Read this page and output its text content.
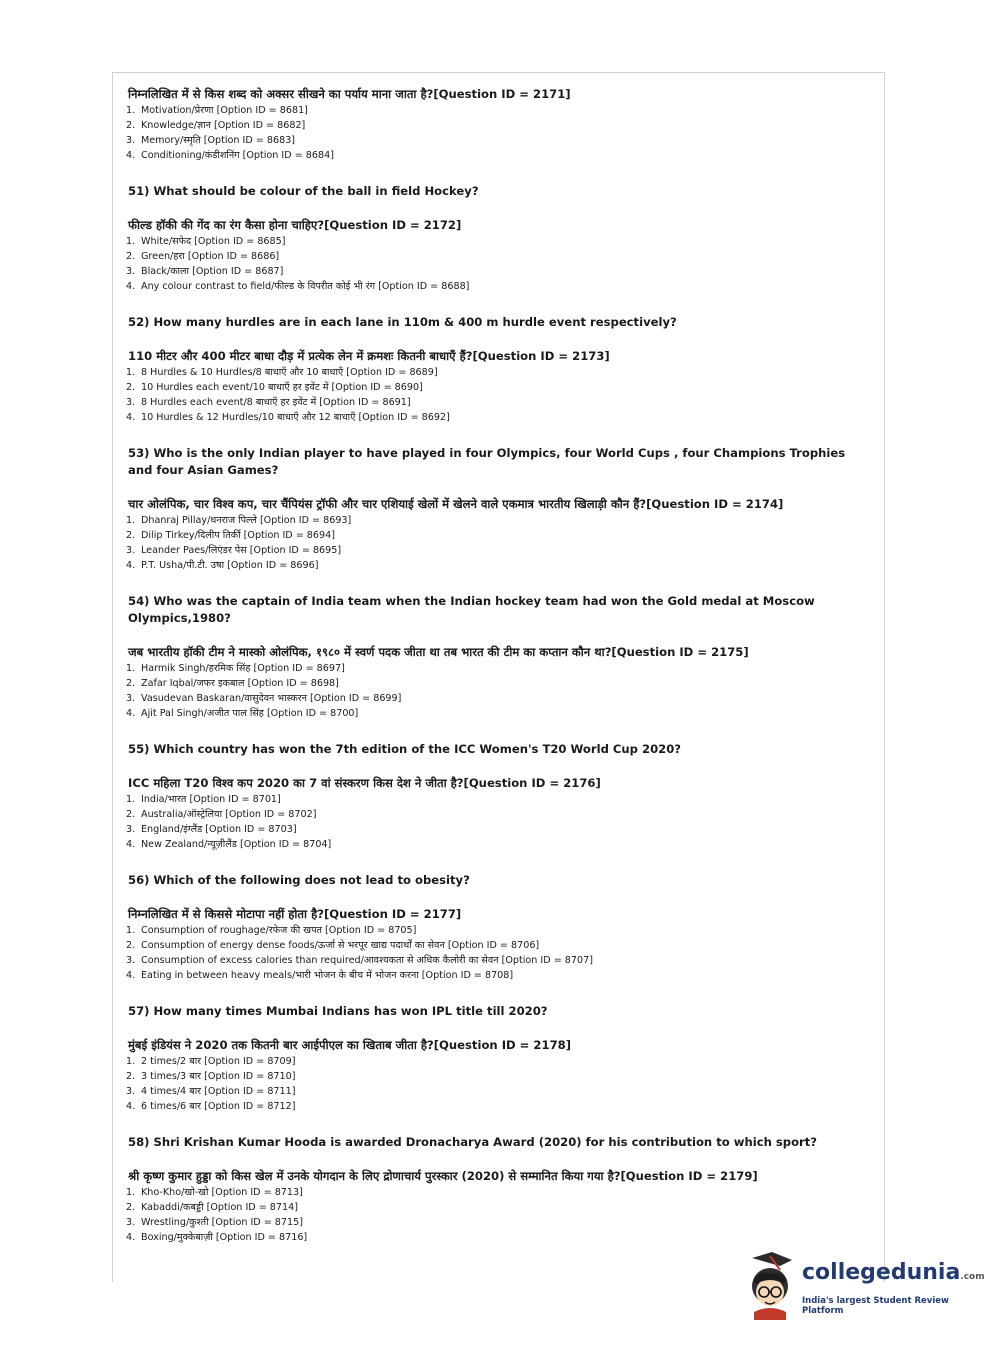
निम्नलिखित में से किस शब्द को अक्सर सीखने का पर्याय माना जाता है?[Question ID = 2171]
1. Motivation/प्रेरणा [Option ID = 8681]
2. Knowledge/ज्ञान [Option ID = 8682]
3. Memory/स्मृति [Option ID = 8683]
4. Conditioning/कंडीशनिंग [Option ID = 8684]
51) What should be colour of the ball in field Hockey?
फील्ड हॉकी की गेंद का रंग कैसा होना चाहिए?[Question ID = 2172]
1. White/सफेद [Option ID = 8685]
2. Green/हरा [Option ID = 8686]
3. Black/काला [Option ID = 8687]
4. Any colour contrast to field/फील्ड के विपरीत कोई भी रंग [Option ID = 8688]
52) How many hurdles are in each lane in 110m & 400 m hurdle event respectively?
110 मीटर और 400 मीटर बाधा दौड़ में प्रत्येक लेन में क्रमशः कितनी बाधाएँ हैं?[Question ID = 2173]
1. 8 Hurdles & 10 Hurdles/8 बाधाएँ और 10 बाधाएँ [Option ID = 8689]
2. 10 Hurdles each event/10 बाधाएँ हर इवेंट में [Option ID = 8690]
3. 8 Hurdles each event/8 बाधाएँ हर इवेंट में [Option ID = 8691]
4. 10 Hurdles & 12 Hurdles/10 बाधाएँ और 12 बाधाएँ [Option ID = 8692]
53) Who is the only Indian player to have played in four Olympics, four World Cups , four Champions Trophies and four Asian Games?
चार ओलंपिक, चार विश्व कप, चार चैंपियंस ट्रॉफी और चार एशियाई खेलों में खेलने वाले एकमात्र भारतीय खिलाड़ी कौन हैं?[Question ID = 2174]
1. Dhanraj Pillay/धनराज पिल्ले [Option ID = 8693]
2. Dilip Tirkey/दिलीप तिर्की [Option ID = 8694]
3. Leander Paes/लिएंडर पेस [Option ID = 8695]
4. P.T. Usha/पी.टी. उषा [Option ID = 8696]
54) Who was the captain of India team when the Indian hockey team had won the Gold medal at Moscow Olympics,1980?
जब भारतीय हॉकी टीम ने मास्को ओलंपिक, १९८० में स्वर्ण पदक जीता था तब भारत की टीम का कप्तान कौन था?[Question ID = 2175]
1. Harmik Singh/हरमिक सिंह [Option ID = 8697]
2. Zafar Iqbal/जफर इकबाल [Option ID = 8698]
3. Vasudevan Baskaran/वासुदेवन भास्करन [Option ID = 8699]
4. Ajit Pal Singh/अजीत पाल सिंह [Option ID = 8700]
55) Which country has won the 7th edition of the ICC Women's T20 World Cup 2020?
ICC महिला T20 विश्व कप 2020 का 7 वां संस्करण किस देश ने जीता है?[Question ID = 2176]
1. India/भारत [Option ID = 8701]
2. Australia/ऑस्ट्रेलिया [Option ID = 8702]
3. England/इंग्लैंड [Option ID = 8703]
4. New Zealand/न्यूज़ीलैंड [Option ID = 8704]
56) Which of the following does not lead to obesity?
निम्नलिखित में से किससे मोटापा नहीं होता है?[Question ID = 2177]
1. Consumption of roughage/रफेज की खपत [Option ID = 8705]
2. Consumption of energy dense foods/ऊर्जा से भरपूर खाद्य पदार्थों का सेवन [Option ID = 8706]
3. Consumption of excess calories than required/आवश्यकता से अधिक कैलोरी का सेवन [Option ID = 8707]
4. Eating in between heavy meals/भारी भोजन के बीच में भोजन करना [Option ID = 8708]
57) How many times Mumbai Indians has won IPL title till 2020?
मुंबई इंडियंस ने 2020 तक कितनी बार आईपीएल का खिताब जीता है?[Question ID = 2178]
1. 2 times/2 बार [Option ID = 8709]
2. 3 times/3 बार [Option ID = 8710]
3. 4 times/4 बार [Option ID = 8711]
4. 6 times/6 बार [Option ID = 8712]
58) Shri Krishan Kumar Hooda is awarded Dronacharya Award (2020) for his contribution to which sport?
श्री कृष्ण कुमार हुड्डा को किस खेल में उनके योगदान के लिए द्रोणाचार्य पुरस्कार (2020) से सम्मानित किया गया है?[Question ID = 2179]
1. Kho-Kho/खो-खो [Option ID = 8713]
2. Kabaddi/कबड्डी [Option ID = 8714]
3. Wrestling/कुश्ती [Option ID = 8715]
4. Boxing/मुक्केबाज़ी [Option ID = 8716]
collegedunia.com
India's largest Student Review Platform
